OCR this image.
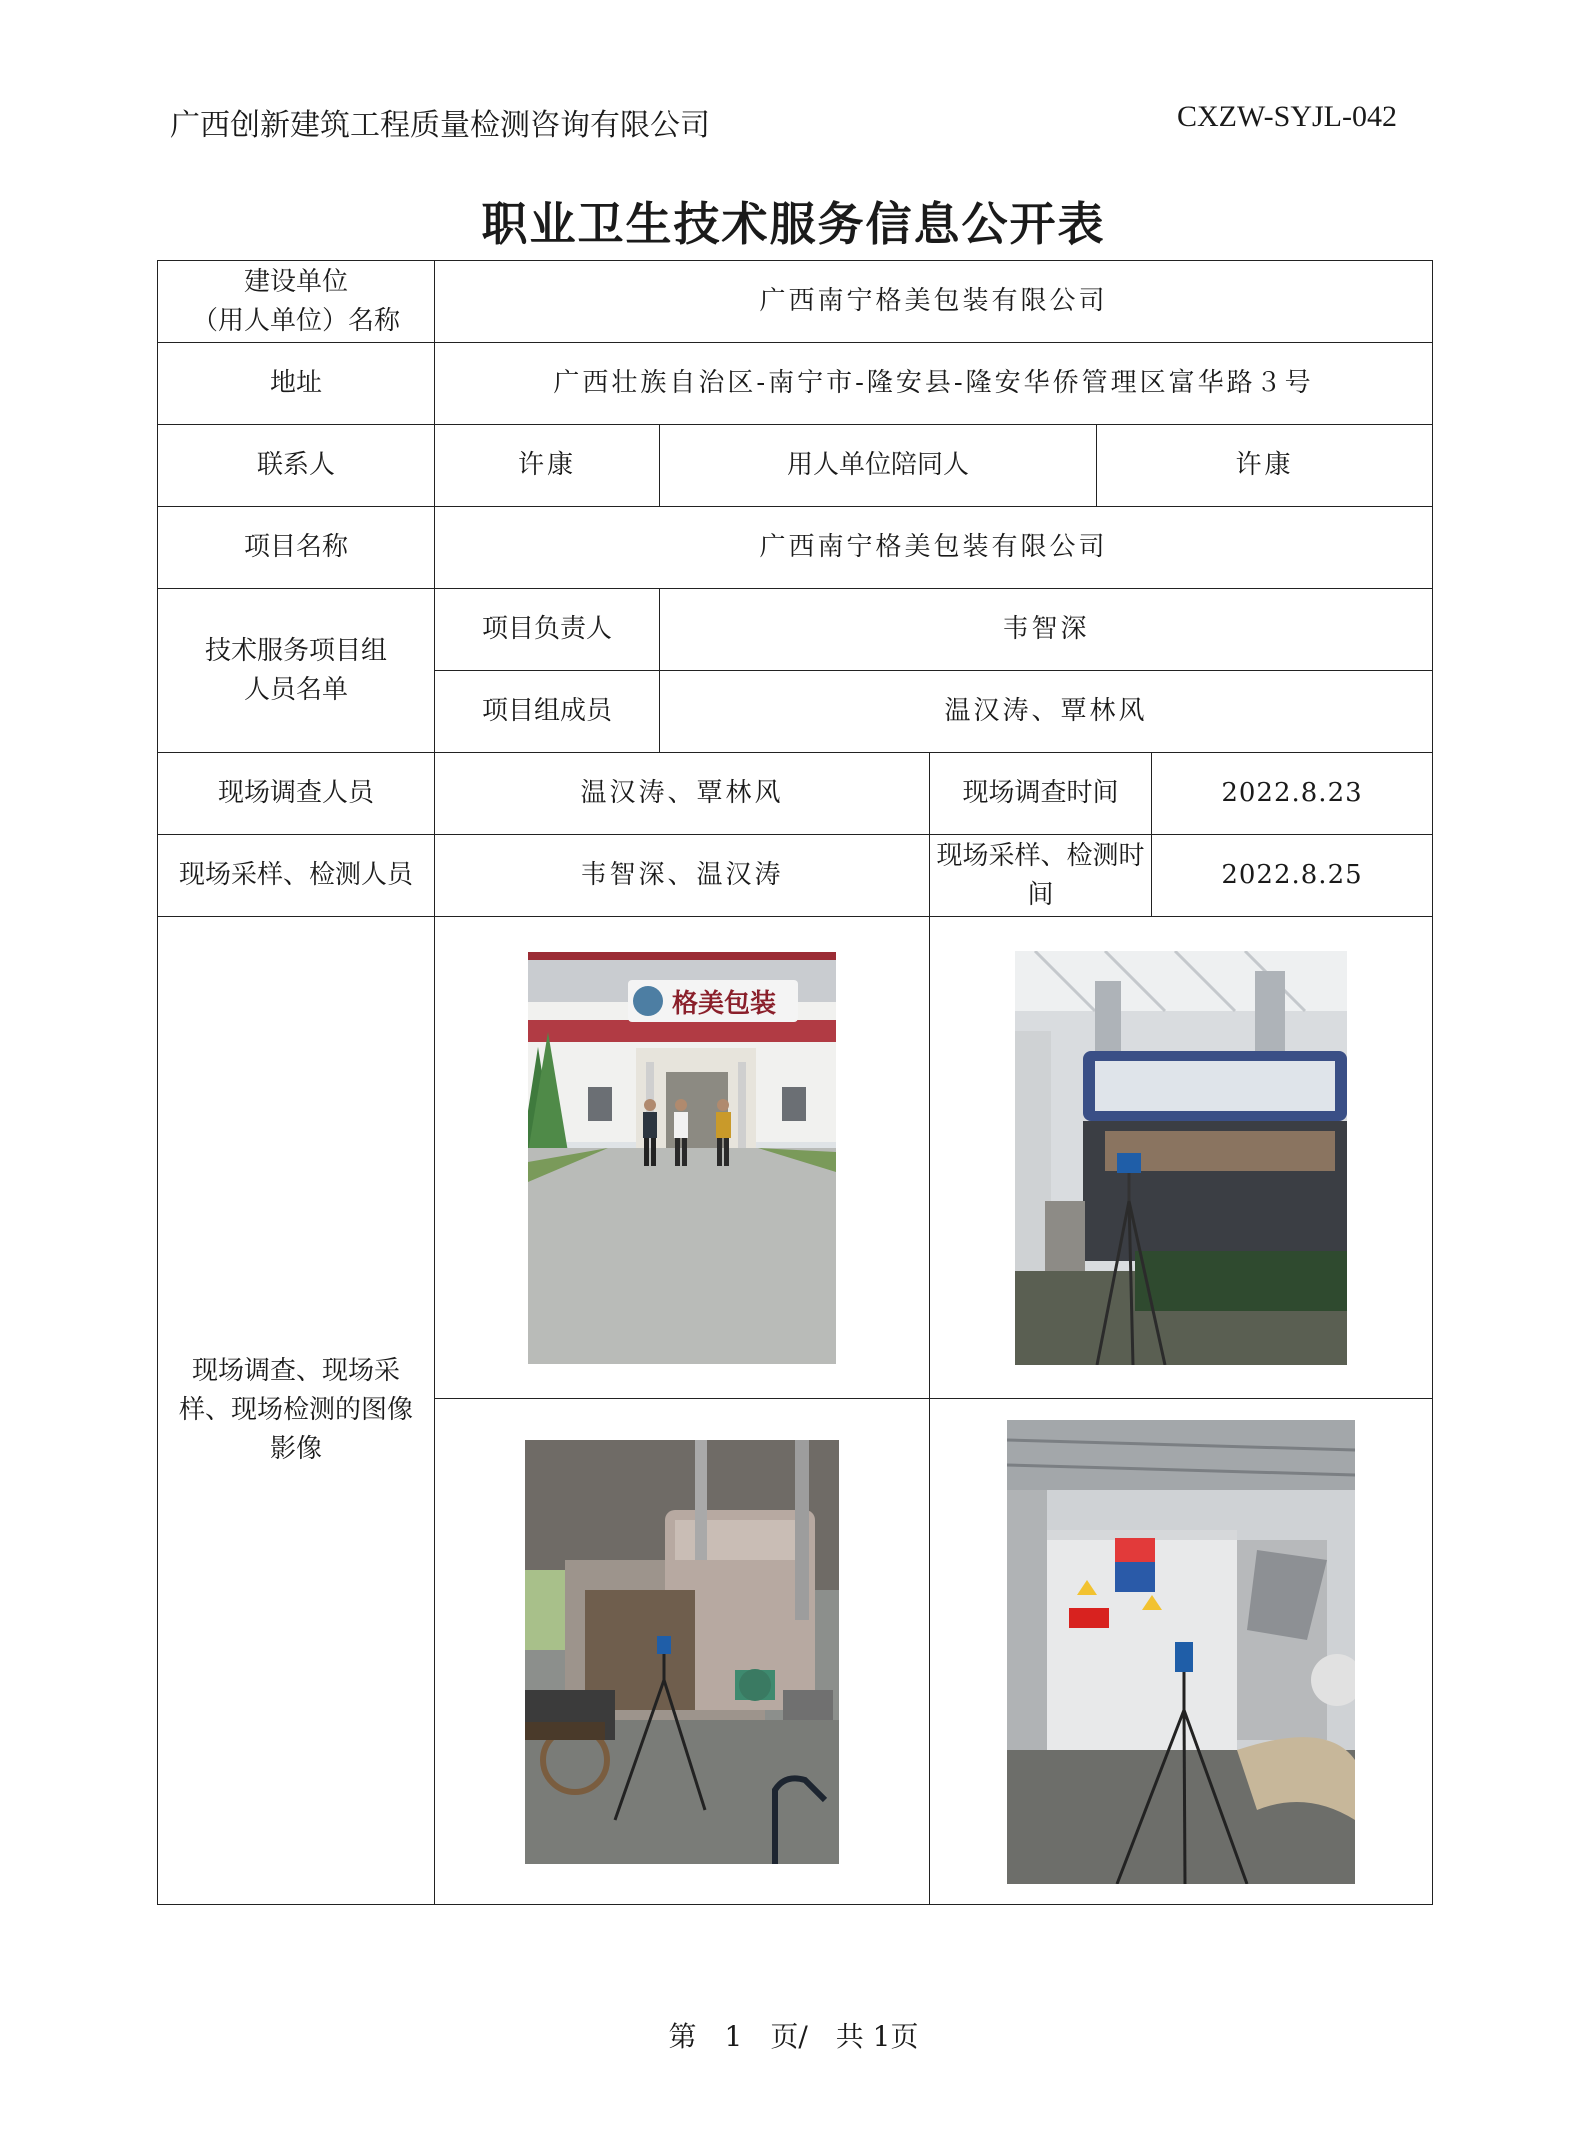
广西创新建筑工程质量检测咨询有限公司	CXZW-SYJL-042
职业卫生技术服务信息公开表
建设单位
（用人单位）名称	广西南宁格美包装有限公司				
地址	广西壮族自治区-南宁市-隆安县-隆安华侨管理区富华路３号				
联系人	许康	用人单位陪同人		许康	
项目名称	广西南宁格美包装有限公司				
技术服务项目组人员名单	项目负责人	韦智深			
	项目组成员	温汉涛、覃林风			
现场调查人员	温汉涛、覃林风		现场调查时间		2022.8.23
现场采样、检测人员	韦智深、温汉涛		现场采样、检测时间		2022.8.25
现场调查、现场采样、现场检测的图像影像	格美包装

第　1　页/　共 1页
